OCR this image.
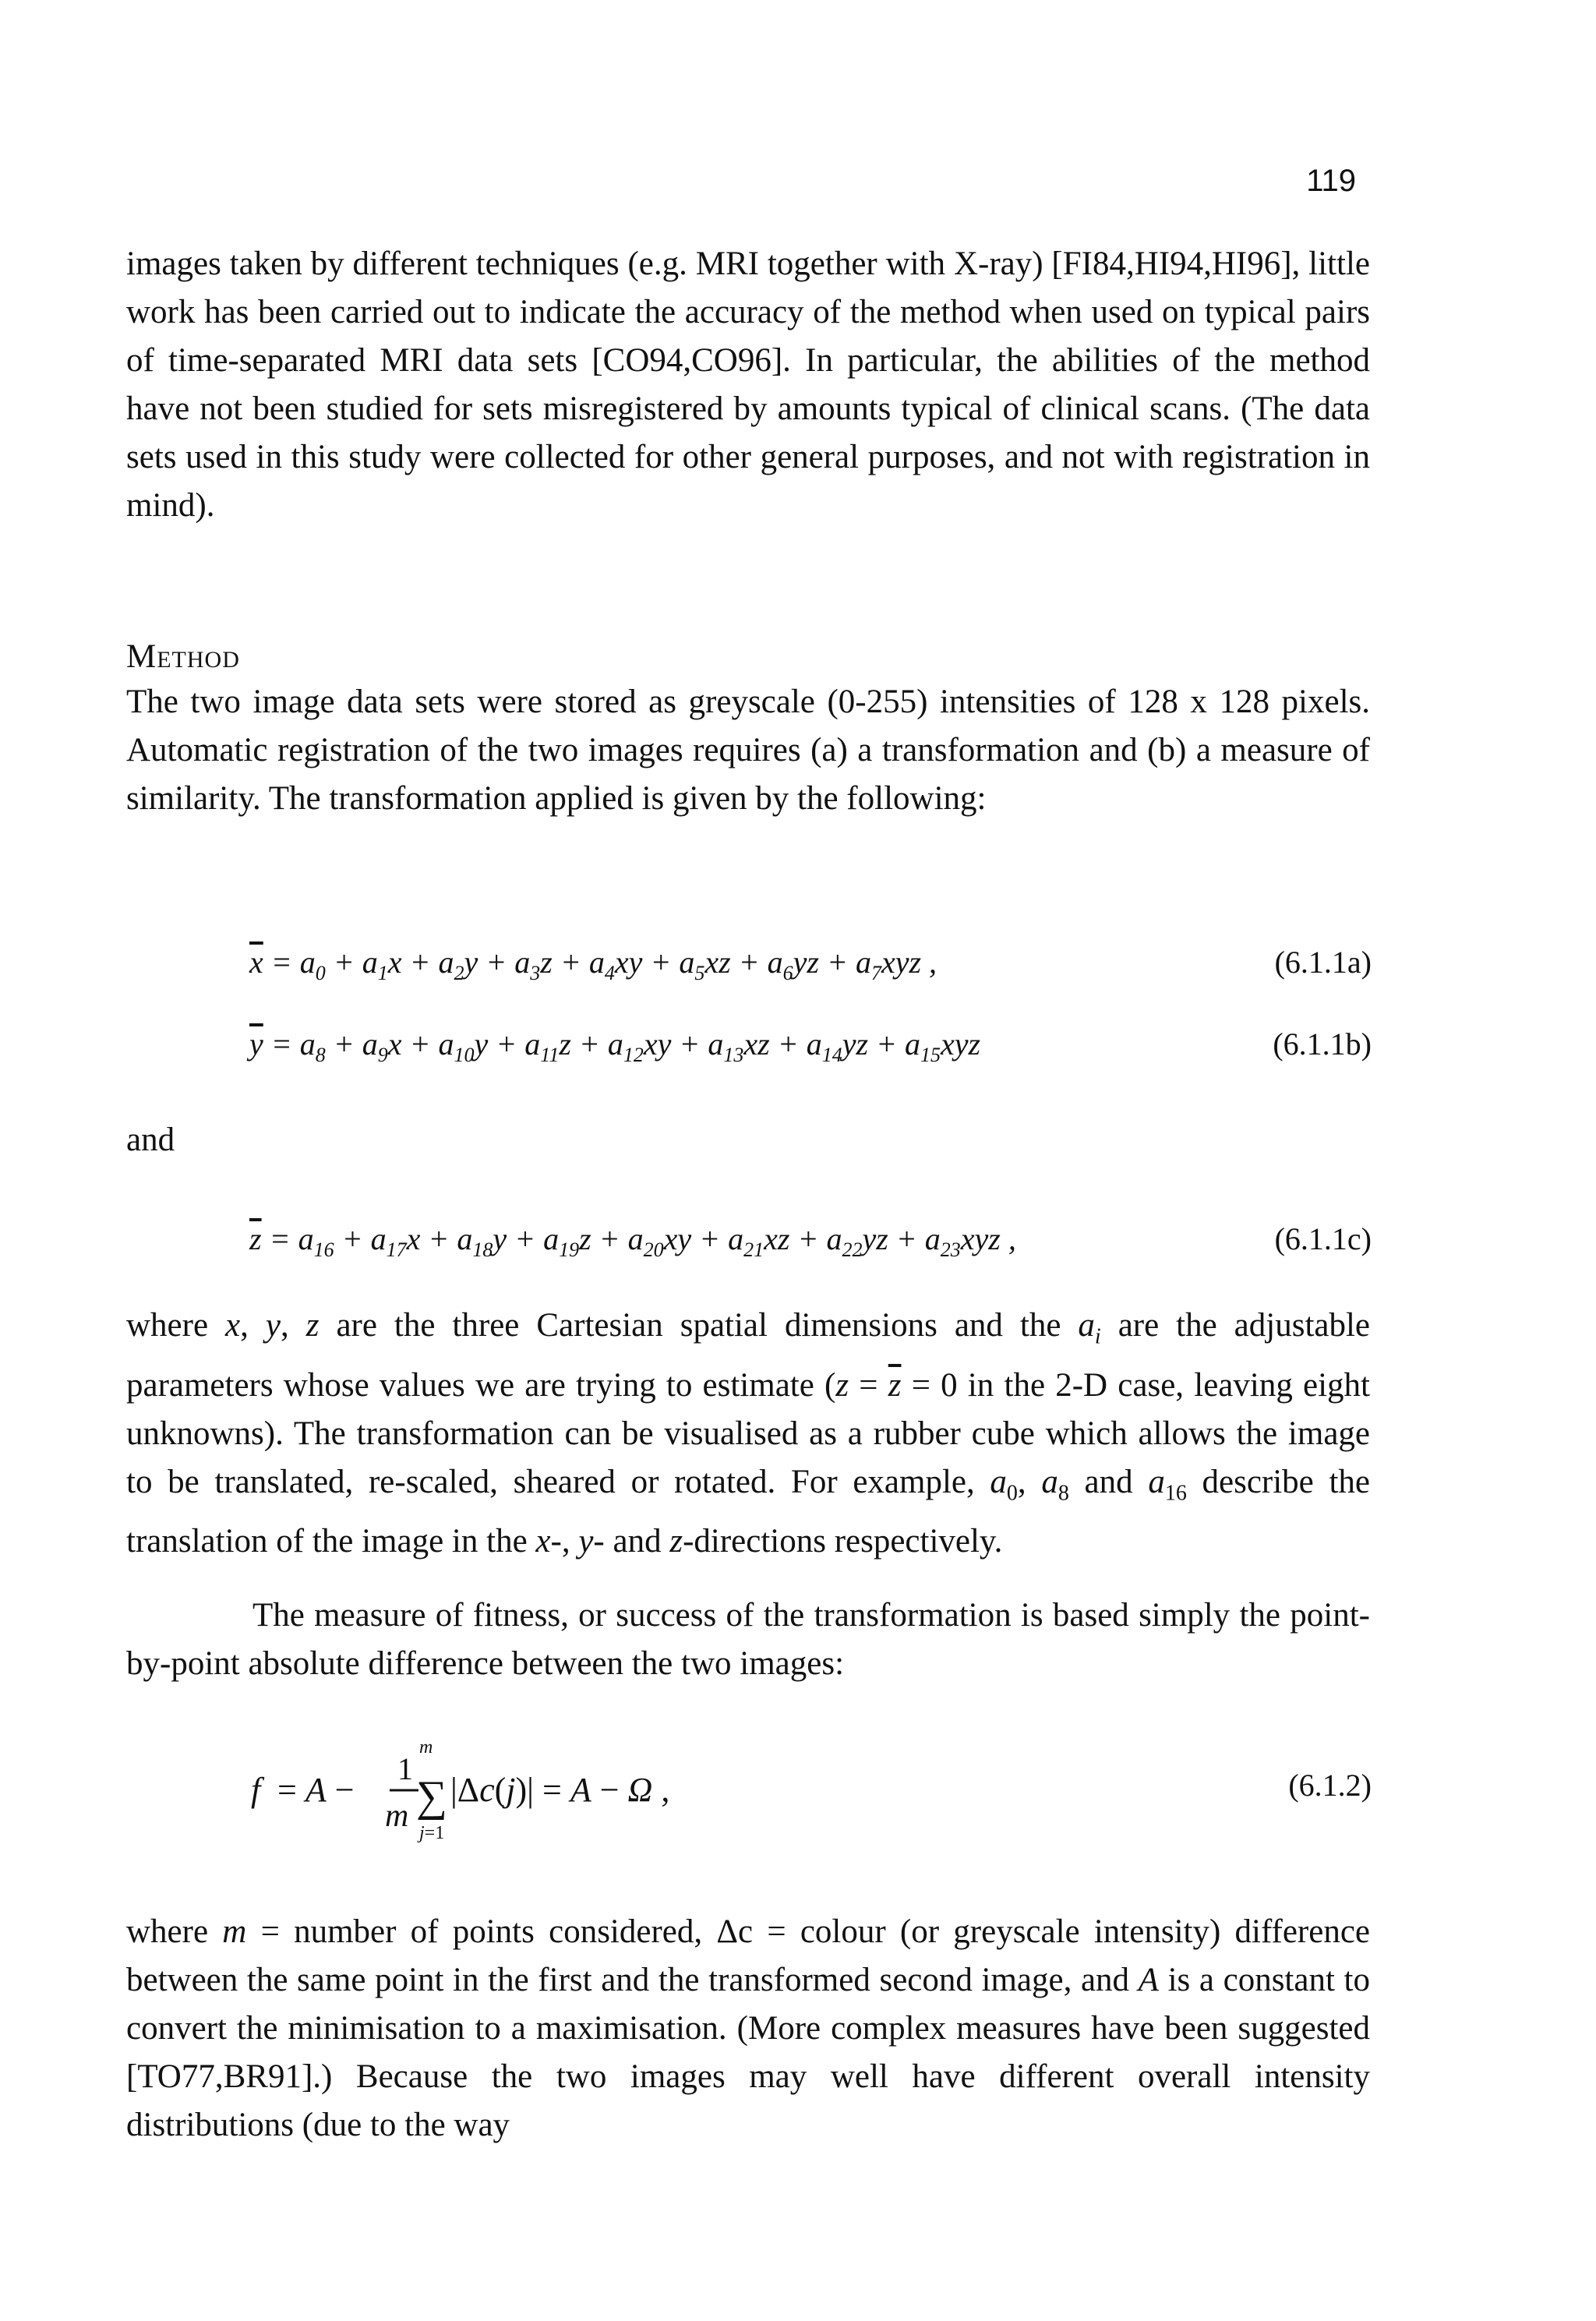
119

images taken by different techniques (e.g. MRI together with X-ray) [FI84,HI94,HI96], little work has been carried out to indicate the accuracy of the method when used on typical pairs of time-separated MRI data sets [CO94,CO96]. In particular, the abilities of the method have not been studied for sets misregistered by amounts typical of clinical scans. (The data sets used in this study were collected for other general purposes, and not with registration in mind).

Method

The two image data sets were stored as greyscale (0-255) intensities of 128 x 128 pixels. Automatic registration of the two images requires (a) a transformation and (b) a measure of similarity. The transformation applied is given by the following:

$\overline{x} = a_0 + a_1x + a_2y + a_3z + a_4xy + a_5xz + a_6yz + a_7xyz$ ,	(6.1.1a)
$\overline{y} = a_8 + a_9x + a_{10}y + a_{11}z + a_{12}xy + a_{13}xz + a_{14}yz + a_{15}xyz$	(6.1.1b)
and
$\overline{z} = a_{16} + a_{17}x + a_{18}y + a_{19}z + a_{20}xy + a_{21}xz + a_{22}yz + a_{23}xyz$ ,	(6.1.1c)

where x, y, z are the three Cartesian spatial dimensions and the $a_i$ are the adjustable parameters whose values we are trying to estimate ($z = \overline{z} = 0$ in the 2-D case, leaving eight unknowns). The transformation can be visualised as a rubber cube which allows the image to be translated, re-scaled, sheared or rotated. For example, $a_0$, $a_8$ and $a_{16}$ describe the translation of the image in the x-, y- and z-directions respectively.

The measure of fitness, or success of the transformation is based simply the point-by-point absolute difference between the two images:

f = A −
1
m
m
∑
j=1
|Δc(j)| = A − Ω ,	(6.1.2)

where m = number of points considered, Δc = colour (or greyscale intensity) difference between the same point in the first and the transformed second image, and A is a constant to convert the minimisation to a maximisation. (More complex measures have been suggested [TO77,BR91].) Because the two images may well have different overall intensity distributions (due to the way
